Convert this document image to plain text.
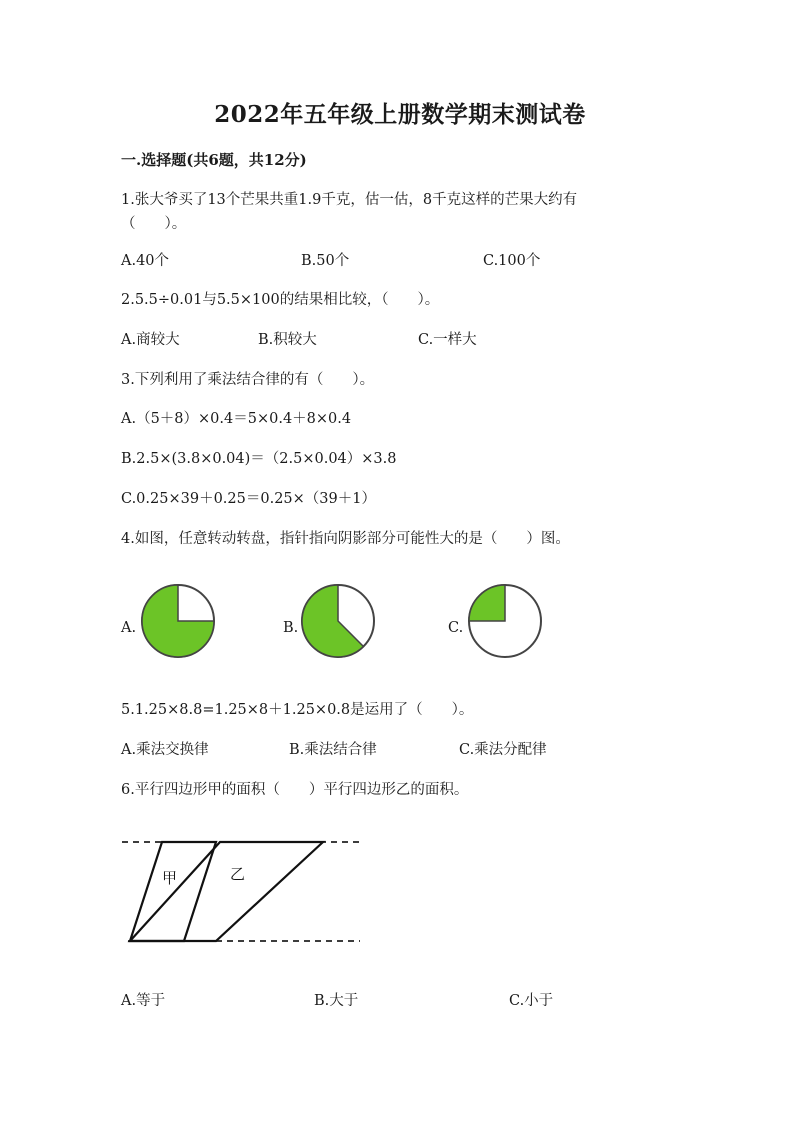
2022年五年级上册数学期末测试卷
一.选择题(共6题，共12分)
1.张大爷买了13个芒果共重1.9千克，估一估，8千克这样的芒果大约有
（　　）。
A.40个	B.50个	C.100个
2.5.5÷0.01与5.5×100的结果相比较，（　　）。
A.商较大	B.积较大	C.一样大
3.下列利用了乘法结合律的有（　　）。
A.（5＋8）×0.4＝5×0.4＋8×0.4
B.2.5×(3.8×0.04)＝（2.5×0.04）×3.8
C.0.25×39＋0.25＝0.25×（39＋1）
4.如图，任意转动转盘，指针指向阴影部分可能性大的是（　　）图。
A.	B.	C.
5.1.25×8.8=1.25×8＋1.25×0.8是运用了（　　）。
A.乘法交换律	B.乘法结合律	C.乘法分配律
6.平行四边形甲的面积（　　）平行四边形乙的面积。
甲	乙
A.等于	B.大于	C.小于
